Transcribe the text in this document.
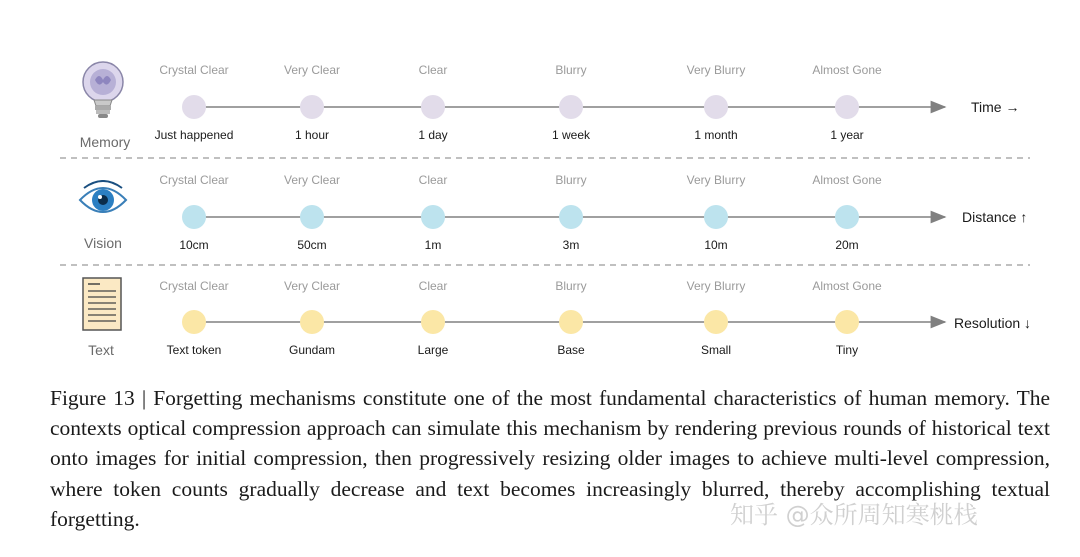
Memory
Vision
Text
Time →
Distance ↑
Resolution ↓
Crystal Clear
Just happened
Very Clear
1 hour
Clear
1 day
Blurry
1 week
Very Blurry
1 month
Almost Gone
1 year
Crystal Clear
10cm
Very Clear
50cm
Clear
1m
Blurry
3m
Very Blurry
10m
Almost Gone
20m
Crystal Clear
Text token
Very Clear
Gundam
Clear
Large
Blurry
Base
Very Blurry
Small
Almost Gone
Tiny
Figure 13 | Forgetting mechanisms constitute one of the most fundamental characteristics of human memory. The contexts optical compression approach can simulate this mechanism by rendering previous rounds of historical text onto images for initial compression, then progressively resizing older images to achieve multi-level compression, where token counts gradually decrease and text becomes increasingly blurred, thereby accomplishing textual forgetting.	知乎 @众所周知寒桃栈
